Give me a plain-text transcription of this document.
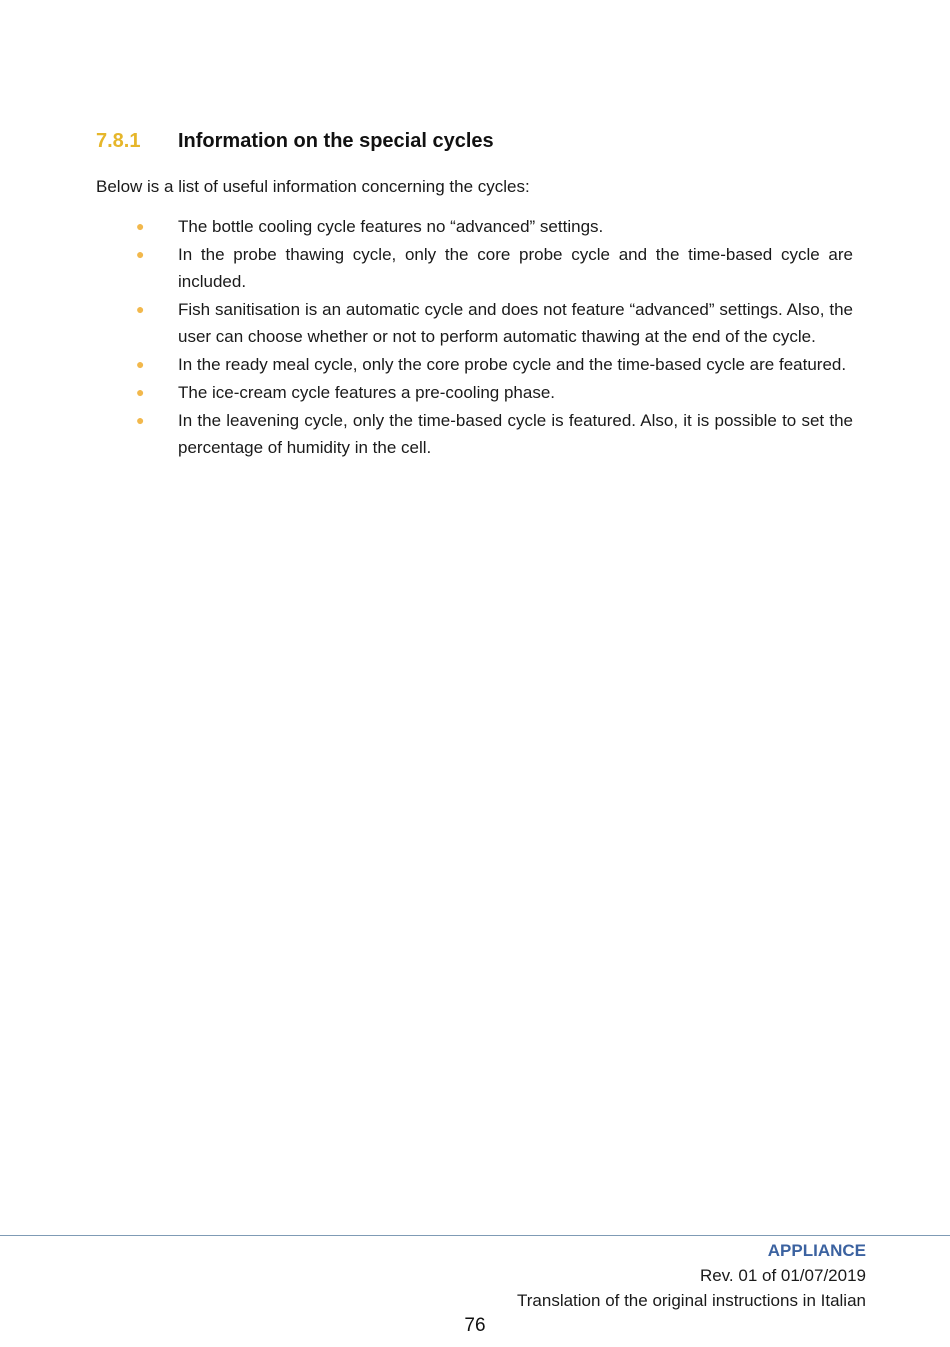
7.8.1	Information on the special cycles
Below is a list of useful information concerning the cycles:
●	The bottle cooling cycle features no “advanced” settings.
●	In the probe thawing cycle, only the core probe cycle and the time-based cycle are included.
●	Fish sanitisation is an automatic cycle and does not feature “advanced” settings. Also, the user can choose whether or not to perform automatic thawing at the end of the cycle.
●	In the ready meal cycle, only the core probe cycle and the time-based cycle are featured.
●	The ice-cream cycle features a pre-cooling phase.
●	In the leavening cycle, only the time-based cycle is featured. Also, it is possible to set the percentage of humidity in the cell.
APPLIANCE
Rev. 01 of 01/07/2019
Translation of the original instructions in Italian
76
